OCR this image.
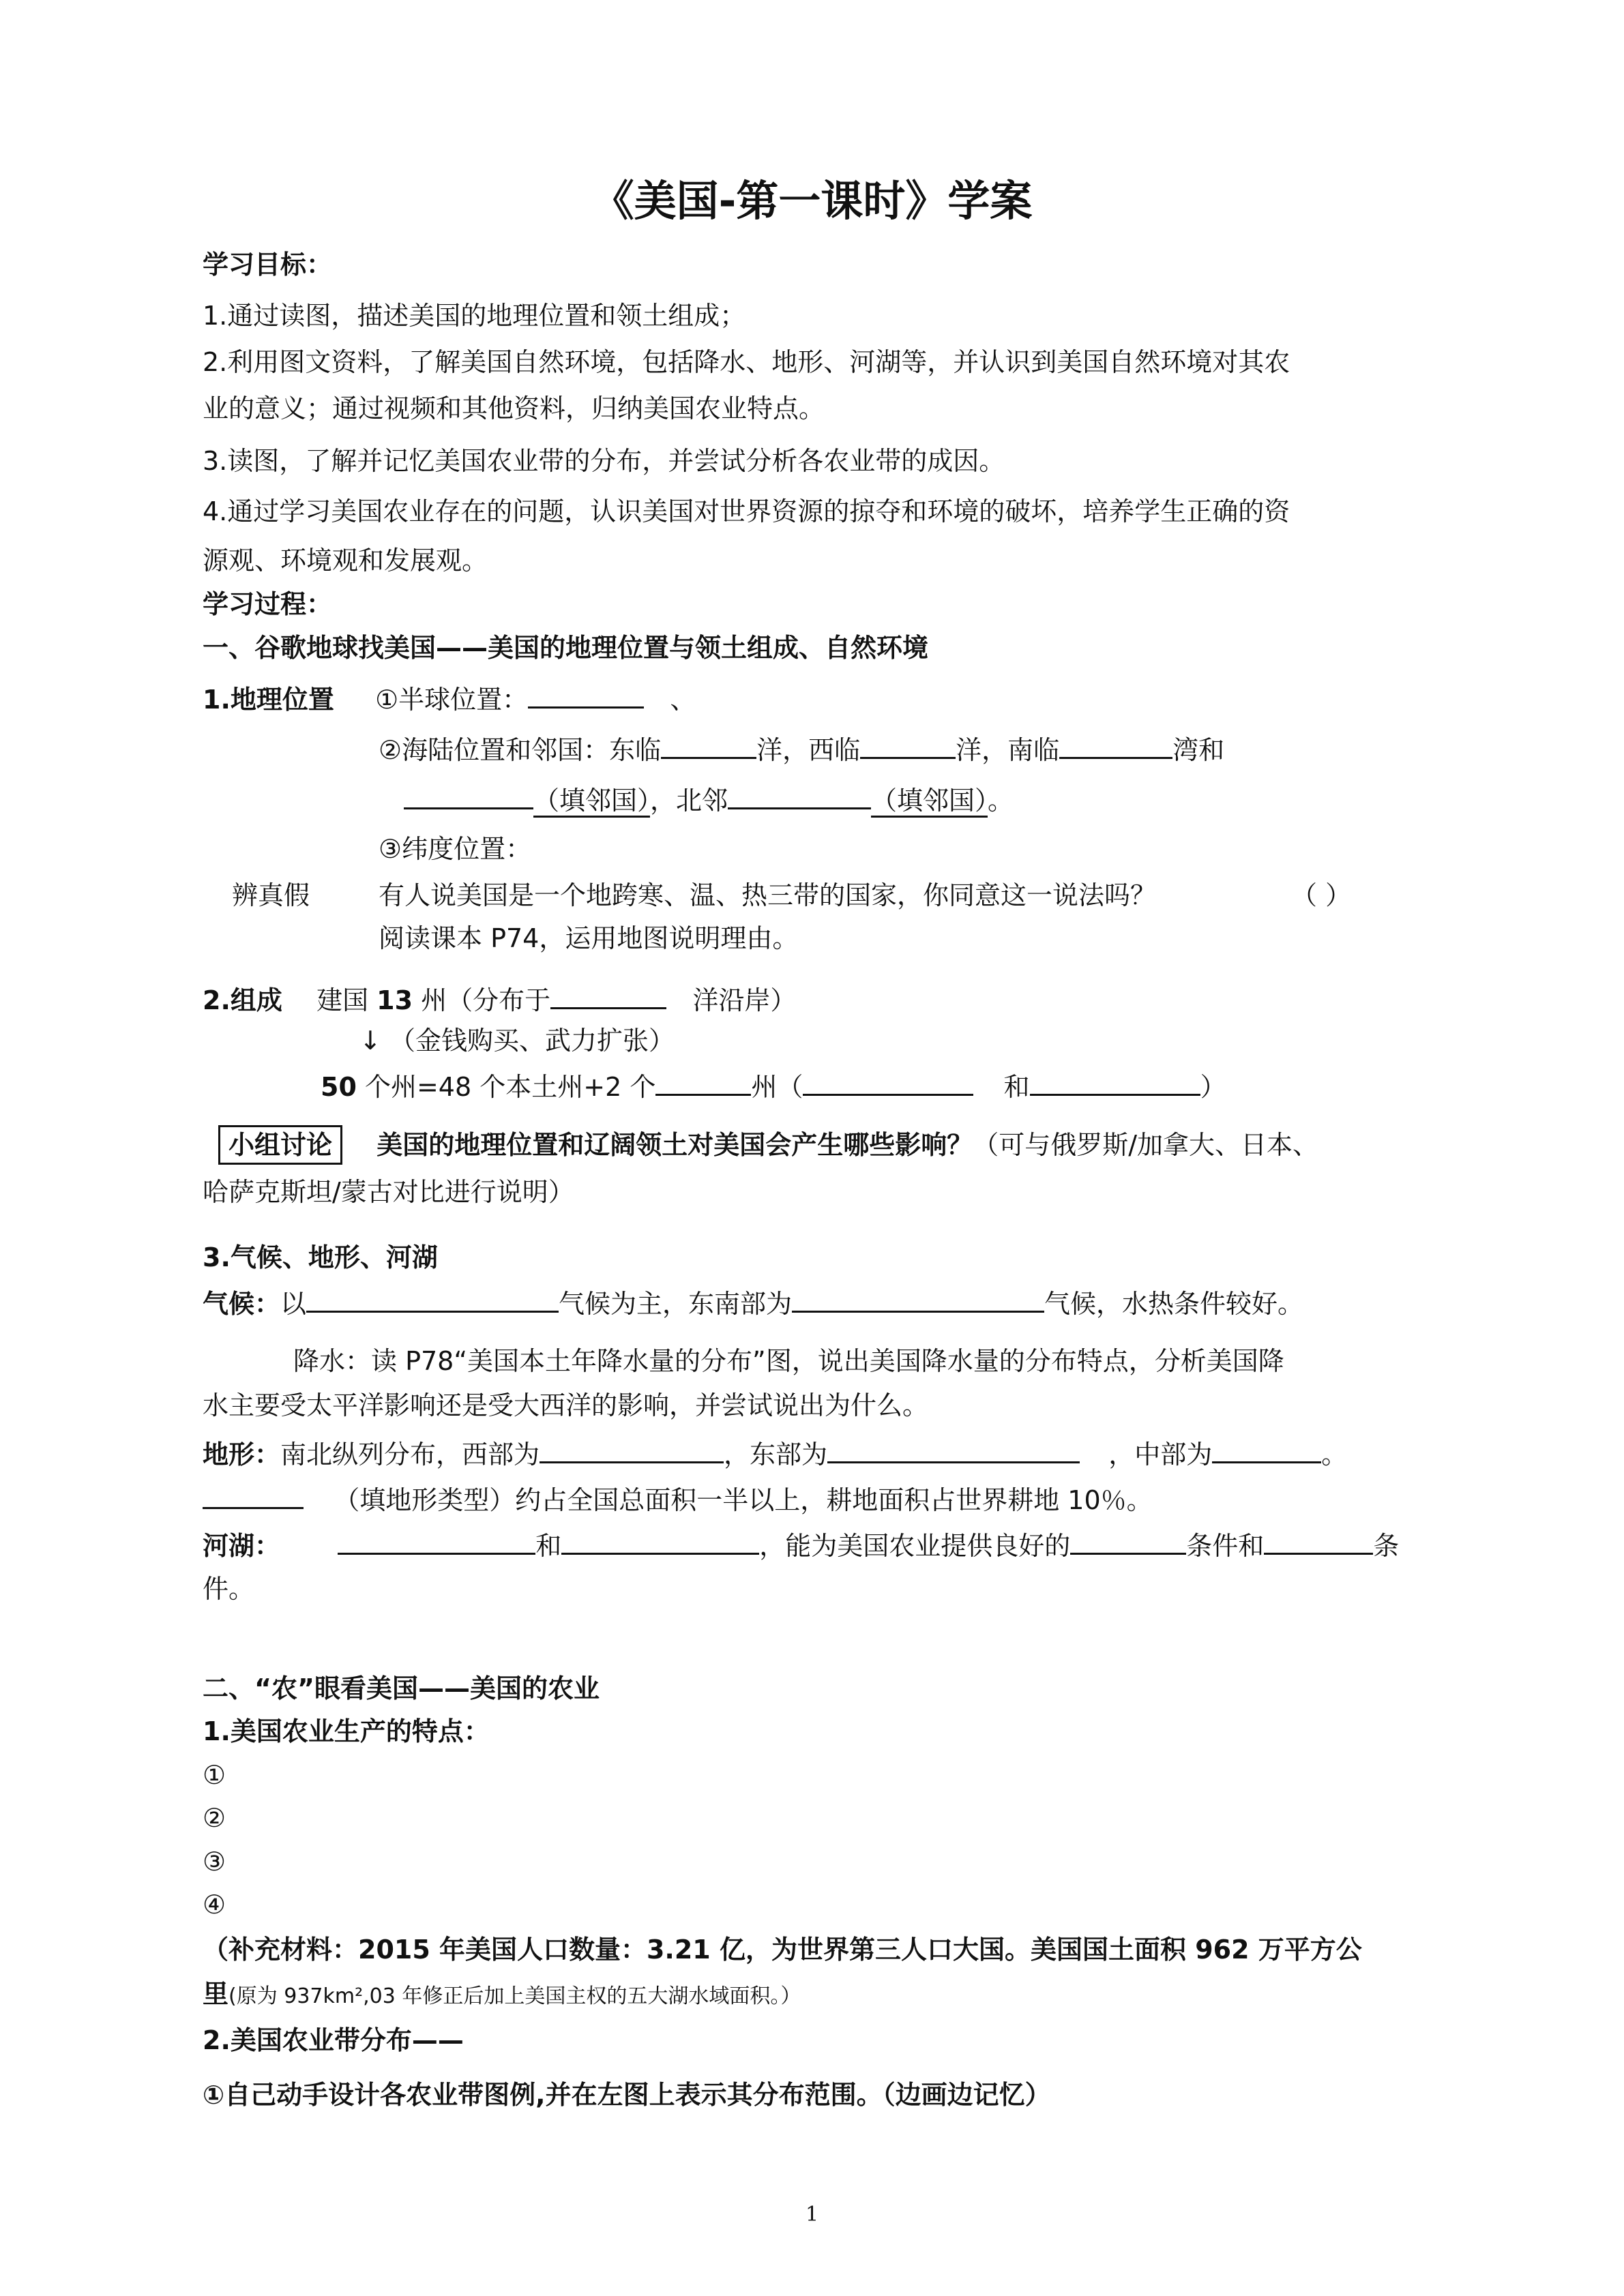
《美国-第一课时》学案
学习目标：
1.通过读图，描述美国的地理位置和领土组成；
2.利用图文资料，了解美国自然环境，包括降水、地形、河湖等，并认识到美国自然环境对其农
业的意义；通过视频和其他资料，归纳美国农业特点。
3.读图，了解并记忆美国农业带的分布，并尝试分析各农业带的成因。
4.通过学习美国农业存在的问题，认识美国对世界资源的掠夺和环境的破坏，培养学生正确的资
源观、环境观和发展观。
学习过程：
一、谷歌地球找美国——美国的地理位置与领土组成、自然环境
1.地理位置 ①半球位置：	、
②海陆位置和邻国：东临	洋，西临	洋，南临	湾和
（填邻国），北邻	（填邻国）。
③纬度位置：
辨真假	有人说美国是一个地跨寒、温、热三带的国家，你同意这一说法吗？	（ ）
阅读课本 P74，运用地图说明理由。
2.组成 建国 13 州（分布于	洋沿岸）
↓ （金钱购买、武力扩张）
50 个州=48 个本土州+2 个	州（	和	）
小组讨论 美国的地理位置和辽阔领土对美国会产生哪些影响？（可与俄罗斯/加拿大、日本、
哈萨克斯坦/蒙古对比进行说明）
3.气候、地形、河湖
气候：以	气候为主，东南部为	气候，水热条件较好。
降水：读 P78“美国本土年降水量的分布”图，说出美国降水量的分布特点，分析美国降
水主要受太平洋影响还是受大西洋的影响，并尝试说出为什么。
地形：南北纵列分布，西部为	，东部为	，中部为	。
（填地形类型）约占全国总面积一半以上，耕地面积占世界耕地 10％。
河湖：	和	，能为美国农业提供良好的	条件和	条
件。
二、“农”眼看美国——美国的农业
1.美国农业生产的特点：
①
②
③
④
（补充材料：2015 年美国人口数量：3.21 亿，为世界第三人口大国。美国国土面积 962 万平方公
里(原为 937km²,03 年修正后加上美国主权的五大湖水域面积。）
2.美国农业带分布——
①自己动手设计各农业带图例,并在左图上表示其分布范围。（边画边记忆）
1
